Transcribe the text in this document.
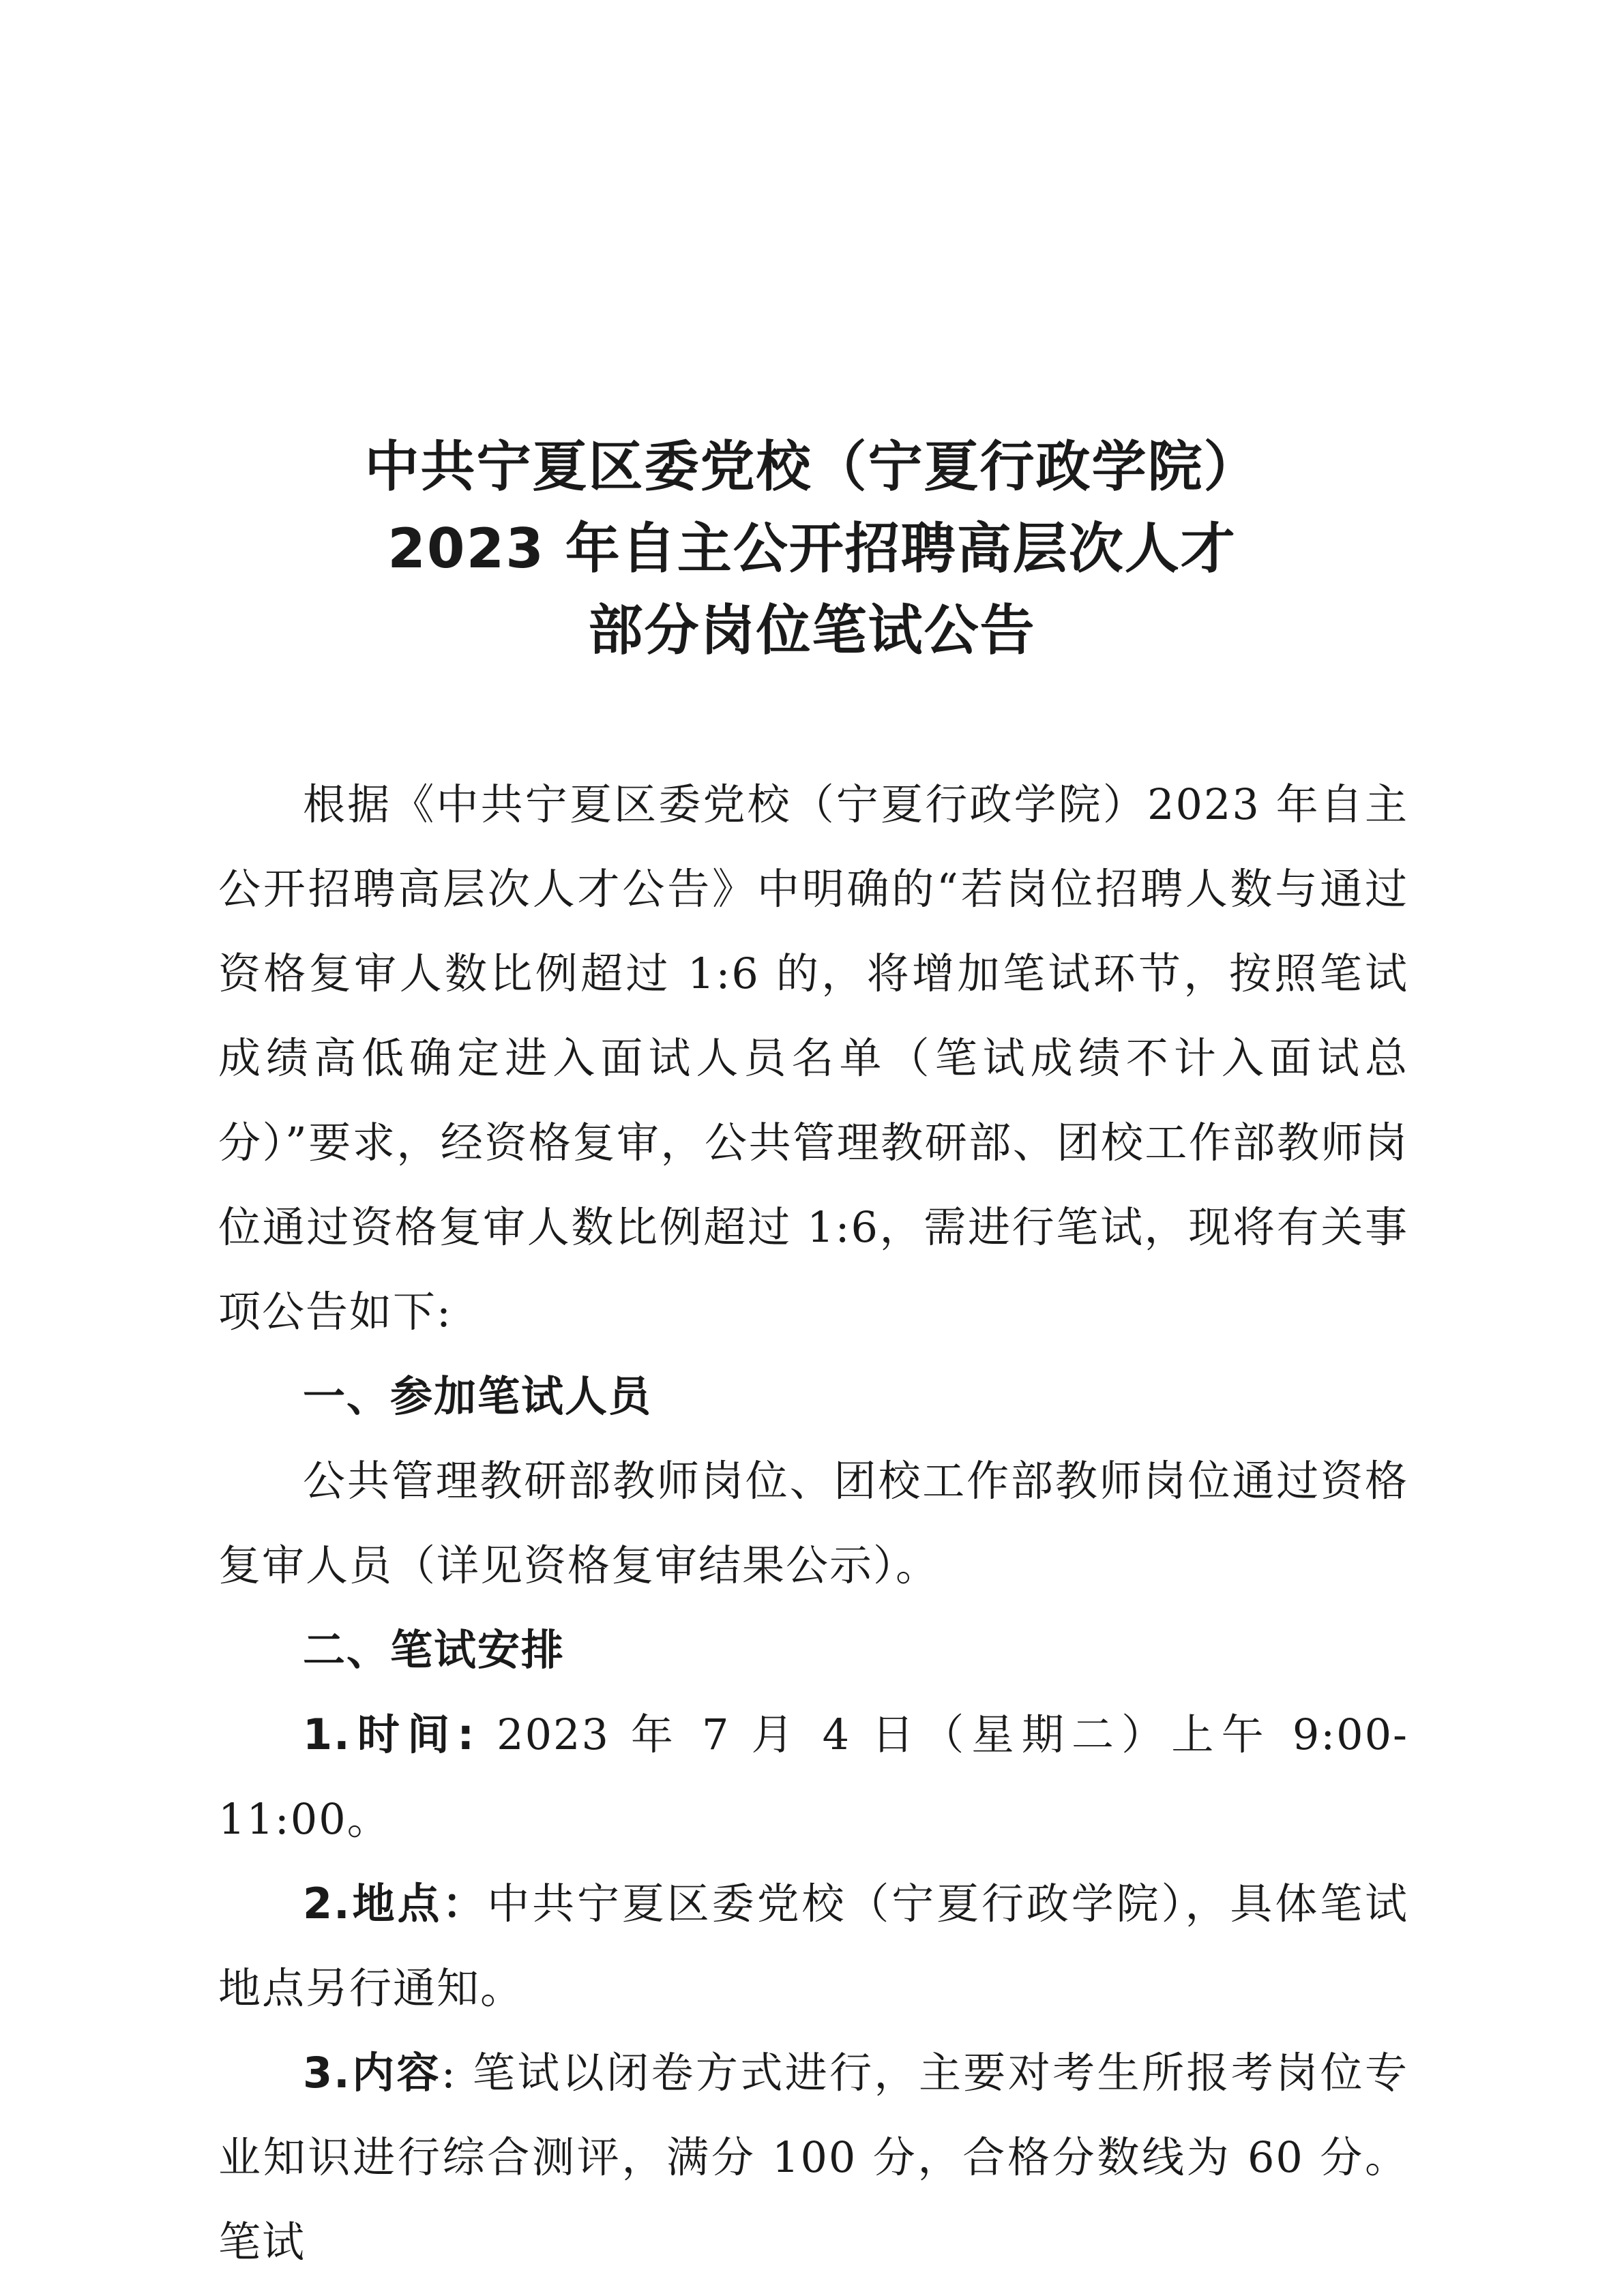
中共宁夏区委党校（宁夏行政学院）
2023 年自主公开招聘高层次人才
部分岗位笔试公告

根据《中共宁夏区委党校（宁夏行政学院）2023 年自主公开招聘高层次人才公告》中明确的“若岗位招聘人数与通过资格复审人数比例超过 1:6 的，将增加笔试环节，按照笔试成绩高低确定进入面试人员名单（笔试成绩不计入面试总分）”要求，经资格复审，公共管理教研部、团校工作部教师岗位通过资格复审人数比例超过 1:6，需进行笔试，现将有关事项公告如下:

一、参加笔试人员

公共管理教研部教师岗位、团校工作部教师岗位通过资格复审人员（详见资格复审结果公示）。

二、笔试安排

1.时间: 2023 年 7 月 4 日（星期二）上午 9:00-11:00。

2.地点：中共宁夏区委党校（宁夏行政学院），具体笔试地点另行通知。

3.内容: 笔试以闭卷方式进行，主要对考生所报考岗位专业知识进行综合测评，满分 100 分，合格分数线为 60 分。笔试
